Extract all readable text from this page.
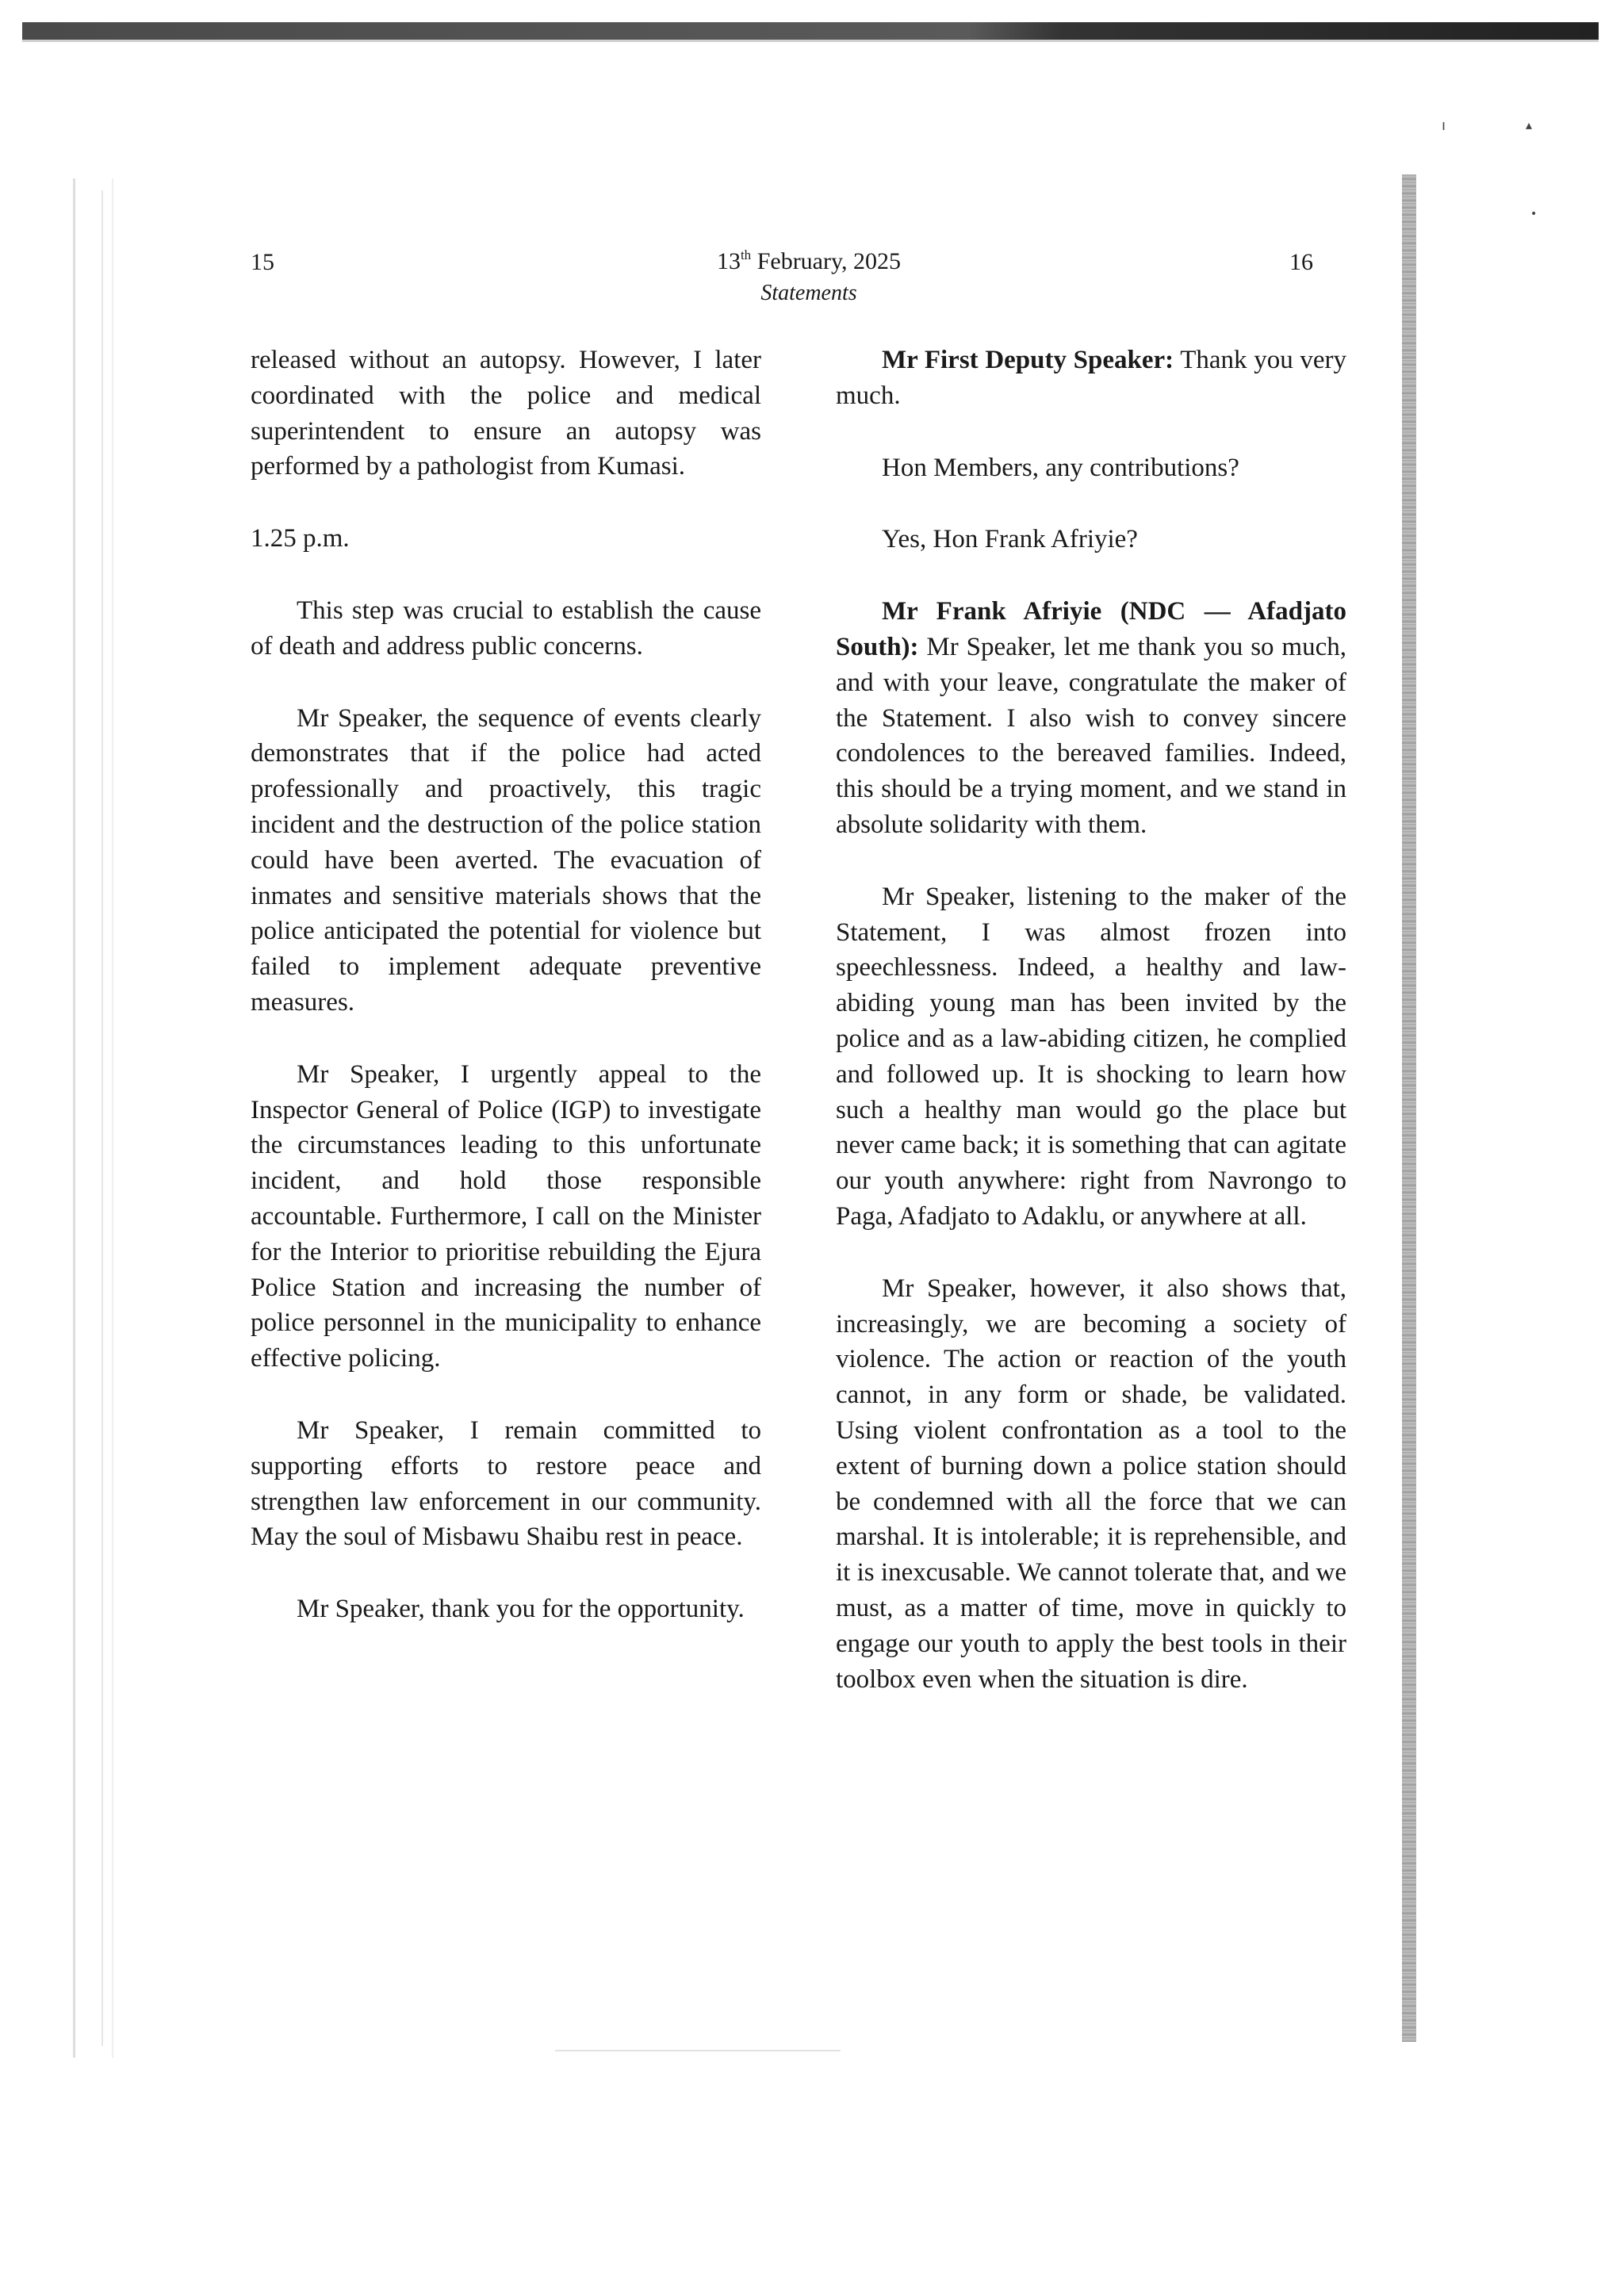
ı	▴
•
15	13th February, 2025
Statements
16

released without an autopsy. However, I later coordinated with the police and medical superintendent to ensure an autopsy was performed by a pathologist from Kumasi.

1.25 p.m.

This step was crucial to establish the cause of death and address public concerns.

Mr Speaker, the sequence of events clearly demonstrates that if the police had acted professionally and proactively, this tragic incident and the destruction of the police station could have been averted. The evacuation of inmates and sensitive materials shows that the police anticipated the potential for violence but failed to implement adequate preventive measures.

Mr Speaker, I urgently appeal to the Inspector General of Police (IGP) to investigate the circumstances leading to this unfortunate incident, and hold those responsible accountable. Furthermore, I call on the Minister for the Interior to prioritise rebuilding the Ejura Police Station and increasing the number of police personnel in the municipality to enhance effective policing.

Mr Speaker, I remain committed to supporting efforts to restore peace and strengthen law enforcement in our community. May the soul of Misbawu Shaibu rest in peace.

Mr Speaker, thank you for the opportunity.

Mr First Deputy Speaker: Thank you very much.

Hon Members, any contributions?

Yes, Hon Frank Afriyie?

Mr Frank Afriyie (NDC — Afadjato South): Mr Speaker, let me thank you so much, and with your leave, congratulate the maker of the Statement. I also wish to convey sincere condolences to the bereaved families. Indeed, this should be a trying moment, and we stand in absolute solidarity with them.

Mr Speaker, listening to the maker of the Statement, I was almost frozen into speechlessness. Indeed, a healthy and law-abiding young man has been invited by the police and as a law-abiding citizen, he complied and followed up. It is shocking to learn how such a healthy man would go the place but never came back; it is something that can agitate our youth anywhere: right from Navrongo to Paga, Afadjato to Adaklu, or anywhere at all.

Mr Speaker, however, it also shows that, increasingly, we are becoming a society of violence. The action or reaction of the youth cannot, in any form or shade, be validated. Using violent confrontation as a tool to the extent of burning down a police station should be condemned with all the force that we can marshal. It is intolerable; it is reprehensible, and it is inexcusable. We cannot tolerate that, and we must, as a matter of time, move in quickly to engage our youth to apply the best tools in their toolbox even when the situation is dire.
